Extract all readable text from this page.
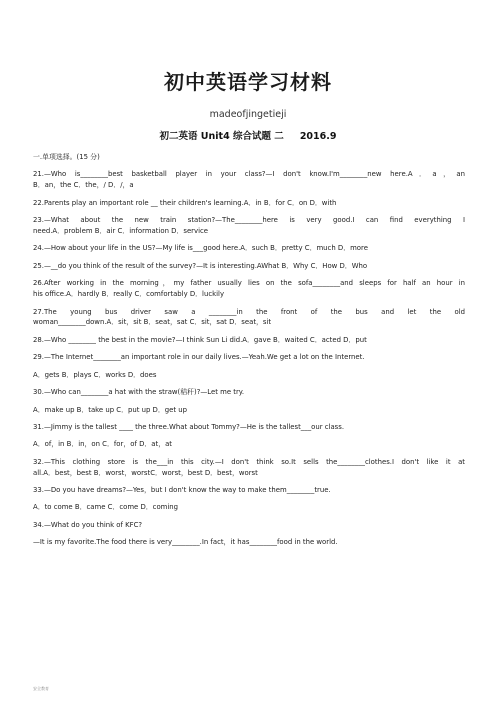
初中英语学习材料
madeofjingetieji
初二英语 Unit4 综合试题 二 2016.9
一.单项选择。(15 分)
21.—Who is________best basketball player in your class?—I don't know.I'm________new here.A．a，an
B．an，the C．the，/ D．/，a
22.Parents play an important role __ their children's learning.A．in B．for C．on D．with
23.—What about the new train station?—The________here is very good.I can find everything I
need.A．problem B．air C．information D．service
24.—How about your life in the US?—My life is___good here.A．such B．pretty C．much D．more
25.—__do you think of the result of the survey?—It is interesting.AWhat B．Why C．How D．Who
26.After working in the morning，my father usually lies on the sofa________and sleeps for half an hour in
his office.A．hardly B．really C．comfortably D．luckily
27.The young bus driver saw a ________in the front of the bus and let the old
woman________down.A．sit，sit B．seat，sat C．sit，sat D．seat，sit
28.—Who ________ the best in the movie?—I think Sun Li did.A．gave B．waited C．acted D．put
29.—The Internet________an important role in our daily lives.—Yeah.We get a lot on the Internet.
A．gets B．plays C．works D．does
30.—Who can________a hat with the straw(秸秆)?—Let me try.
A．make up B．take up C．put up D．get up
31.—Jimmy is the tallest ____ the three.What about Tommy?—He is the tallest___our class.
A．of，in B．in，on C．for，of D．at，at
32.—This clothing store is the___in this city.—I don't think so.It sells the________clothes.I don't like it at
all.A．best，best B．worst，worstC．worst，best D．best，worst
33.—Do you have dreams?—Yes，but I don't know the way to make them________true.
A．to come B．came C．come D．coming
34.—What do you think of KFC?
—It is my favorite.The food there is very________.In fact，it has________food in the world.
安全教育
